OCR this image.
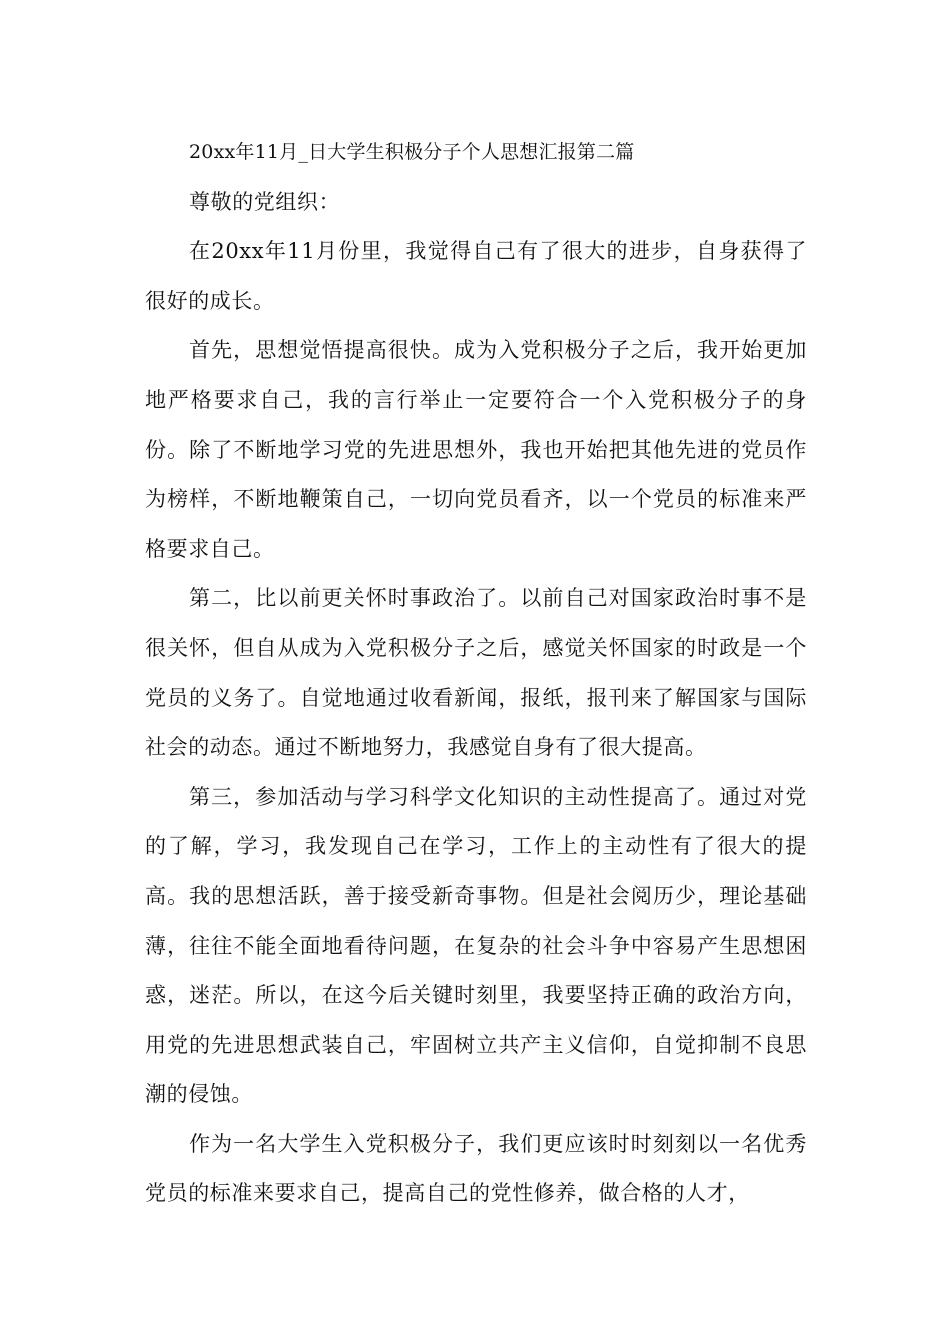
20xx年11月_日大学生积极分子个人思想汇报第二篇

尊敬的党组织：

在20xx年11月份里，我觉得自己有了很大的进步，自身获得了很好的成长。

首先，思想觉悟提高很快。成为入党积极分子之后，我开始更加地严格要求自己，我的言行举止一定要符合一个入党积极分子的身份。除了不断地学习党的先进思想外，我也开始把其他先进的党员作为榜样，不断地鞭策自己，一切向党员看齐，以一个党员的标准来严格要求自己。

第二，比以前更关怀时事政治了。以前自己对国家政治时事不是很关怀，但自从成为入党积极分子之后，感觉关怀国家的时政是一个党员的义务了。自觉地通过收看新闻，报纸，报刊来了解国家与国际社会的动态。通过不断地努力，我感觉自身有了很大提高。

第三，参加活动与学习科学文化知识的主动性提高了。通过对党的了解，学习，我发现自己在学习，工作上的主动性有了很大的提高。我的思想活跃，善于接受新奇事物。但是社会阅历少，理论基础薄，往往不能全面地看待问题，在复杂的社会斗争中容易产生思想困惑，迷茫。所以，在这今后关键时刻里，我要坚持正确的政治方向，用党的先进思想武装自己，牢固树立共产主义信仰，自觉抑制不良思潮的侵蚀。

作为一名大学生入党积极分子，我们更应该时时刻刻以一名优秀党员的标准来要求自己，提高自己的党性修养，做合格的人才，
